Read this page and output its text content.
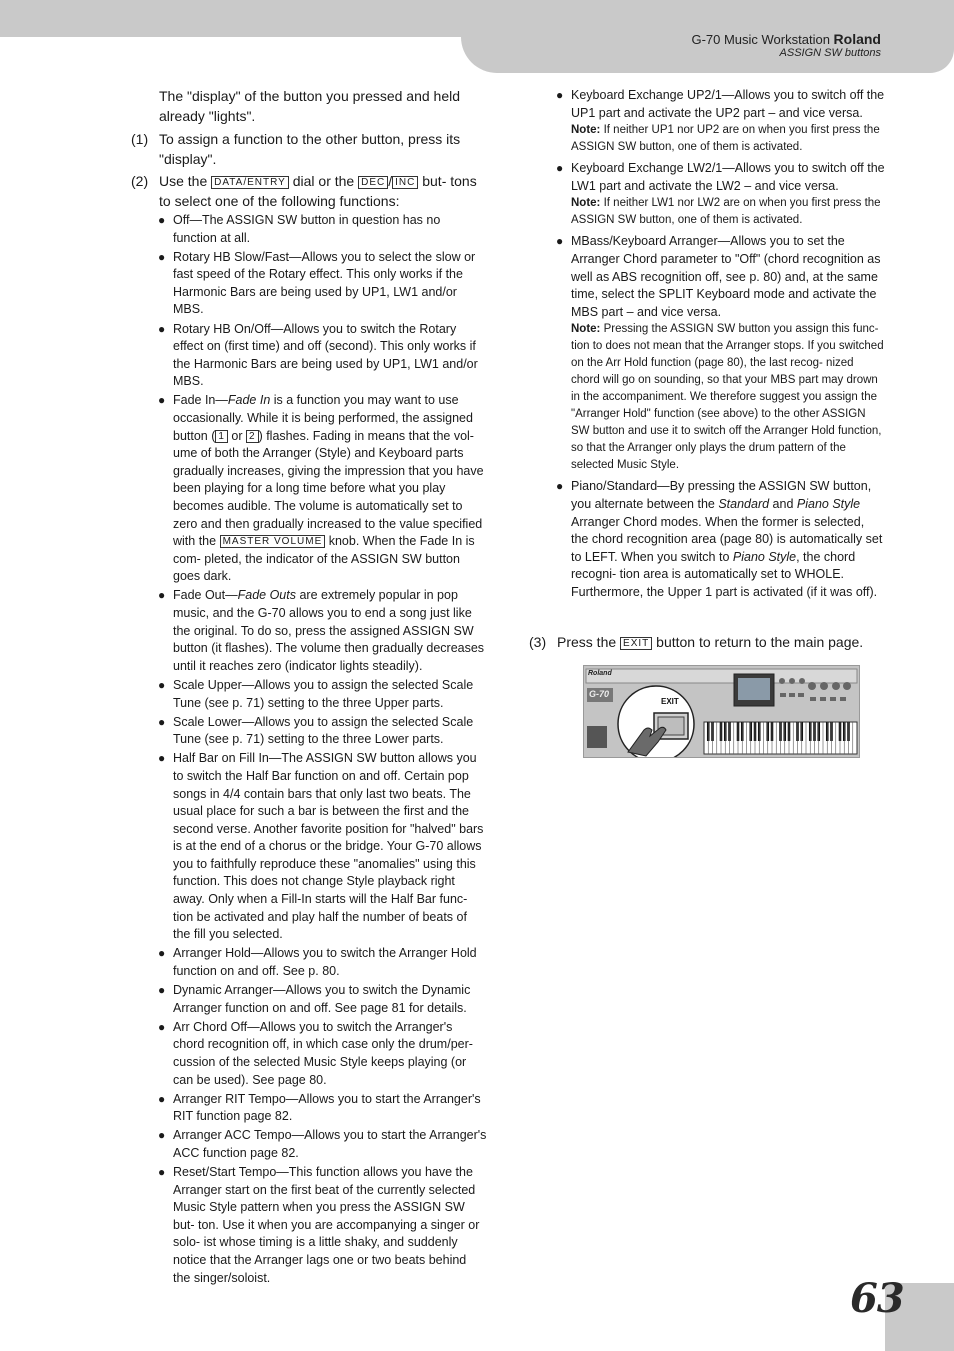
G-70 Music Workstation Roland
ASSIGN SW buttons

The "display" of the button you pressed and held already "lights".

(1) To assign a function to the other button, press its "display".

(2) Use the DATA/ENTRY dial or the DEC / INC but- tons to select one of the following functions:

● Off—The ASSIGN SW button in question has no function at all.

● Rotary HB Slow/Fast—Allows you to select the slow or fast speed of the Rotary effect. This only works if the Harmonic Bars are being used by UP1, LW1 and/or MBS.

● Rotary HB On/Off—Allows you to switch the Rotary effect on (first time) and off (second). This only works if the Harmonic Bars are being used by UP1, LW1 and/or MBS.

● Fade In—Fade In is a function you may want to use occasionally. While it is being performed, the assigned button ( 1 or 2 ) flashes. Fading in means that the vol- ume of both the Arranger (Style) and Keyboard parts gradually increases, giving the impression that you have been playing for a long time before what you play becomes audible. The volume is automatically set to zero and then gradually increased to the value specified with the MASTER VOLUME knob. When the Fade In is com- pleted, the indicator of the ASSIGN SW button goes dark.

● Fade Out—Fade Outs are extremely popular in pop music, and the G-70 allows you to end a song just like the original. To do so, press the assigned ASSIGN SW button (it flashes). The volume then gradually decreases until it reaches zero (indicator lights steadily).

● Scale Upper—Allows you to assign the selected Scale Tune (see p. 71) setting to the three Upper parts.

● Scale Lower—Allows you to assign the selected Scale Tune (see p. 71) setting to the three Lower parts.

● Half Bar on Fill In—The ASSIGN SW button allows you to switch the Half Bar function on and off. Certain pop songs in 4/4 contain bars that only last two beats. The usual place for such a bar is between the first and the second verse. Another favorite position for "halved" bars is at the end of a chorus or the bridge. Your G-70 allows you to faithfully reproduce these "anomalies" using this function. This does not change Style playback right away. Only when a Fill-In starts will the Half Bar func- tion be activated and play half the number of beats of the fill you selected.

● Arranger Hold—Allows you to switch the Arranger Hold function on and off. See p. 80.

● Dynamic Arranger—Allows you to switch the Dynamic Arranger function on and off. See page 81 for details.

● Arr Chord Off—Allows you to switch the Arranger's chord recognition off, in which case only the drum/per- cussion of the selected Music Style keeps playing (or can be used). See page 80.

● Arranger RIT Tempo—Allows you to start the Arranger's RIT function page 82.

● Arranger ACC Tempo—Allows you to start the Arranger's ACC function page 82.

● Reset/Start Tempo—This function allows you have the Arranger start on the first beat of the currently selected Music Style pattern when you press the ASSIGN SW but- ton. Use it when you are accompanying a singer or solo- ist whose timing is a little shaky, and suddenly notice that the Arranger lags one or two beats behind the singer/soloist.

● Keyboard Exchange UP2/1—Allows you to switch off the UP1 part and activate the UP2 part – and vice versa.
Note: If neither UP1 nor UP2 are on when you first press the ASSIGN SW button, one of them is activated.
● Keyboard Exchange LW2/1—Allows you to switch off the LW1 part and activate the LW2 – and vice versa.
Note: If neither LW1 nor LW2 are on when you first press the ASSIGN SW button, one of them is activated.
● MBass/Keyboard Arranger—Allows you to set the Arranger Chord parameter to "Off" (chord recognition as well as ABS recognition off, see p. 80) and, at the same time, select the SPLIT Keyboard mode and activate the MBS part – and vice versa.
Note: Pressing the ASSIGN SW button you assign this func- tion to does not mean that the Arranger stops. If you switched on the Arr Hold function (page 80), the last recog- nized chord will go on sounding, so that your MBS part may drown in the accompaniment. We therefore suggest you assign the "Arranger Hold" function (see above) to the other ASSIGN SW button and use it to switch off the Arranger Hold function, so that the Arranger only plays the drum pattern of the selected Music Style.
● Piano/Standard—By pressing the ASSIGN SW button, you alternate between the Standard and Piano Style Arranger Chord modes. When the former is selected, the chord recognition area (page 80) is automatically set to LEFT. When you switch to Piano Style, the chord recogni- tion area is automatically set to WHOLE. Furthermore, the Upper 1 part is activated (if it was off).

(3) Press the EXIT button to return to the main page.

Roland
G-70
EXIT
63
